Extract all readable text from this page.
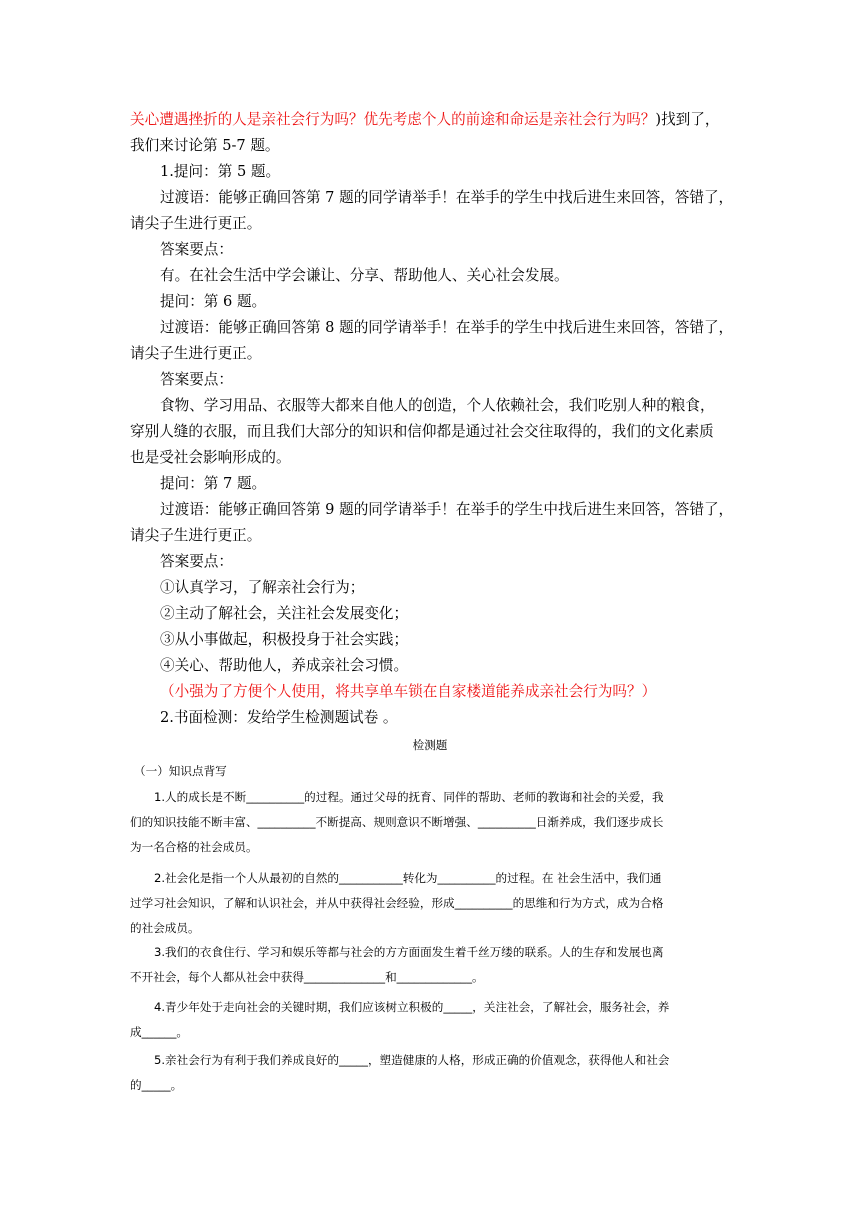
关心遭遇挫折的人是亲社会行为吗？优先考虑个人的前途和命运是亲社会行为吗？)找到了，
我们来讨论第 5-7 题。
1.提问：第 5 题。
过渡语：能够正确回答第 7 题的同学请举手！在举手的学生中找后进生来回答，答错了，
请尖子生进行更正。
答案要点：
有。在社会生活中学会谦让、分享、帮助他人、关心社会发展。
提问：第 6 题。
过渡语：能够正确回答第 8 题的同学请举手！在举手的学生中找后进生来回答，答错了，
请尖子生进行更正。
答案要点：
食物、学习用品、衣服等大都来自他人的创造，个人依赖社会，我们吃别人种的粮食，
穿别人缝的衣服，而且我们大部分的知识和信仰都是通过社会交往取得的，我们的文化素质
也是受社会影响形成的。
提问：第 7 题。
过渡语：能够正确回答第 9 题的同学请举手！在举手的学生中找后进生来回答，答错了，
请尖子生进行更正。
答案要点：
①认真学习，了解亲社会行为；
②主动了解社会，关注社会发展变化；
③从小事做起，积极投身于社会实践；
④关心、帮助他人，养成亲社会习惯。
（小强为了方便个人使用，将共享单车锁在自家楼道能养成亲社会行为吗？）
2.书面检测：发给学生检测题试卷 。
检测题
（一）知识点背写
1.人的成长是不断__________的过程。通过父母的抚育、同伴的帮助、老师的教诲和社会的关爱，我
们的知识技能不断丰富、__________不断提高、规则意识不断增强、__________日渐养成，我们逐步成长
为一名合格的社会成员。
2.社会化是指一个人从最初的自然的___________转化为__________的过程。在 社会生活中，我们通
过学习社会知识，了解和认识社会，并从中获得社会经验，形成__________的思维和行为方式，成为合格
的社会成员。
3.我们的衣食住行、学习和娱乐等都与社会的方方面面发生着千丝万缕的联系。人的生存和发展也离
不开社会，每个人都从社会中获得______________和_____________。
4.青少年处于走向社会的关键时期，我们应该树立积极的_____，关注社会，了解社会，服务社会，养
成______。
5.亲社会行为有利于我们养成良好的_____，塑造健康的人格，形成正确的价值观念，获得他人和社会
的_____。
